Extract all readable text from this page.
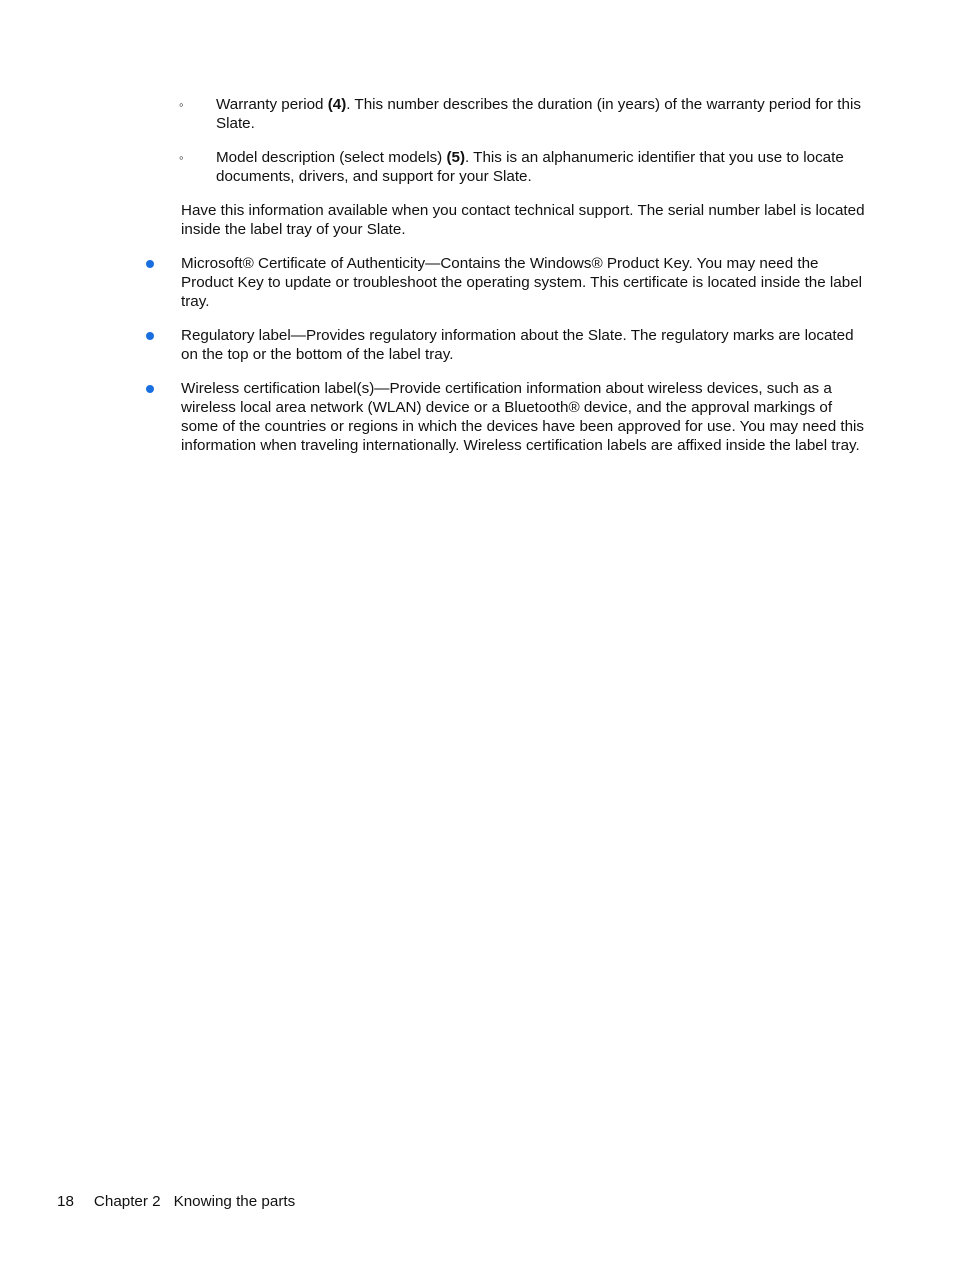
◦ Warranty period (4). This number describes the duration (in years) of the warranty period for this Slate.
◦ Model description (select models) (5). This is an alphanumeric identifier that you use to locate documents, drivers, and support for your Slate.
Have this information available when you contact technical support. The serial number label is located inside the label tray of your Slate.
Microsoft® Certificate of Authenticity—Contains the Windows® Product Key. You may need the Product Key to update or troubleshoot the operating system. This certificate is located inside the label tray.
Regulatory label—Provides regulatory information about the Slate. The regulatory marks are located on the top or the bottom of the label tray.
Wireless certification label(s)—Provide certification information about wireless devices, such as a wireless local area network (WLAN) device or a Bluetooth® device, and the approval markings of some of the countries or regions in which the devices have been approved for use. You may need this information when traveling internationally. Wireless certification labels are affixed inside the label tray.
18 Chapter 2 Knowing the parts
